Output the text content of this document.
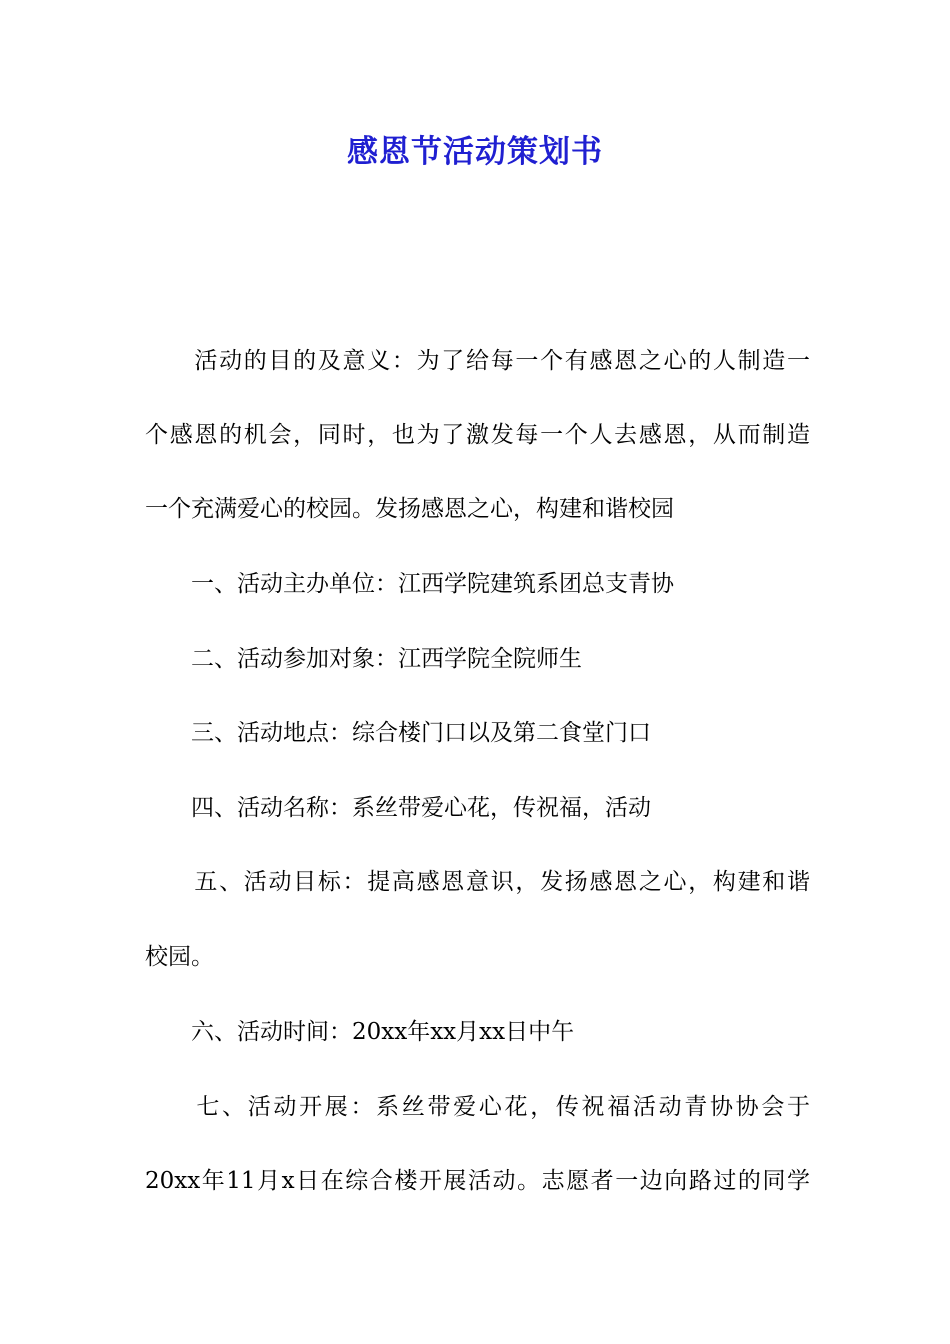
感恩节活动策划书
　　活动的目的及意义：为了给每一个有感恩之心的人制造一
个感恩的机会，同时，也为了激发每一个人去感恩，从而制造
一个充满爱心的校园。发扬感恩之心，构建和谐校园
　　一、活动主办单位：江西学院建筑系团总支青协
　　二、活动参加对象：江西学院全院师生
　　三、活动地点：综合楼门口以及第二食堂门口
　　四、活动名称：系丝带爱心花，传祝福，活动
　　五、活动目标：提高感恩意识，发扬感恩之心，构建和谐
校园。
　　六、活动时间：20xx年xx月xx日中午
　　七、活动开展：系丝带爱心花，传祝福活动青协协会于
20xx年11月x日在综合楼开展活动。志愿者一边向路过的同学
